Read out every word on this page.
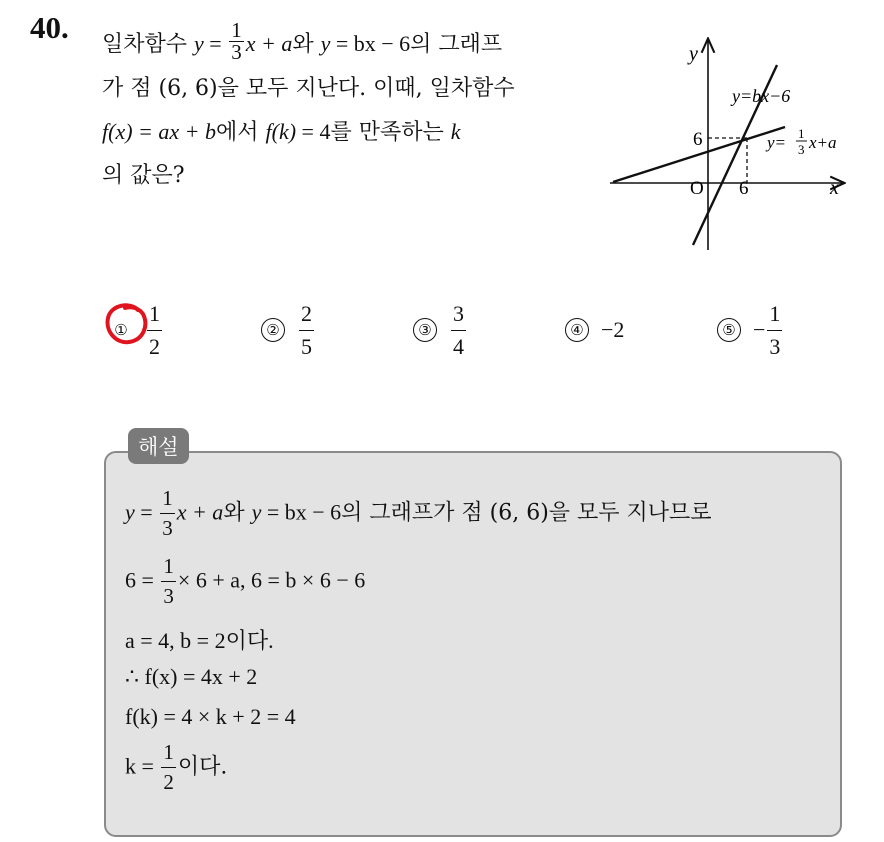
40. 일차함수 $y = \frac{1}{3}$ x + a와 y = bx − 6의 그래프
가 점 (6, 6)을 모두 지난다. 이때, 일차함수
f(x) = ax + b에서 f(k) = 4를 만족하는 k
의 값은?
y
x
O 6
6
y=bx−6
y= 1
3 x+a
① $\frac{1}{2}$	② $\frac{2}{5}$	③ $\frac{3}{4}$	④ −2	⑤ − $\frac{1}{3}$
해설
$y = \frac{1}{3}$ x + a와 y = bx − 6의 그래프가 점 (6, 6)을 모두 지나므로
$6 = \frac{1}{3} \times 6 + a$, 6 = b × 6 − 6
a = 4, b = 2이다.
∴ f(x) = 4x + 2
f(k) = 4 × k + 2 = 4
$k = \frac{1}{2}$ 이다.
